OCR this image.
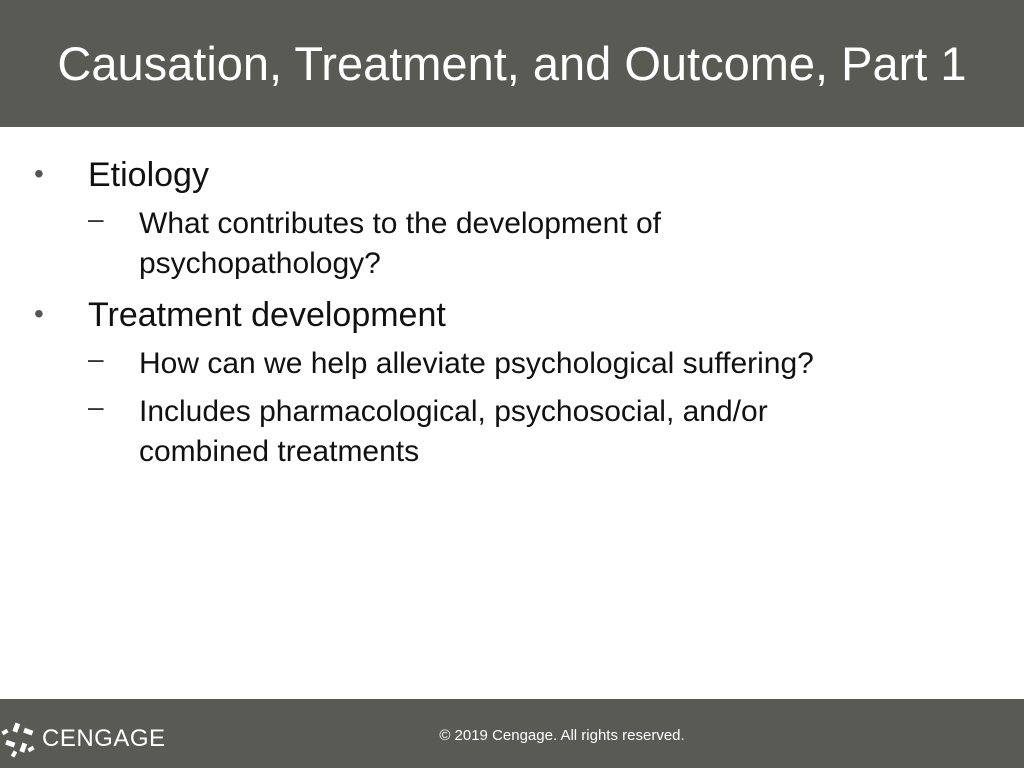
Causation, Treatment, and Outcome, Part 1
• Etiology
– What contributes to the development of psychopathology?
• Treatment development
– How can we help alleviate psychological suffering?
– Includes pharmacological, psychosocial, and/or combined treatments
CENGAGE	© 2019 Cengage. All rights reserved.
